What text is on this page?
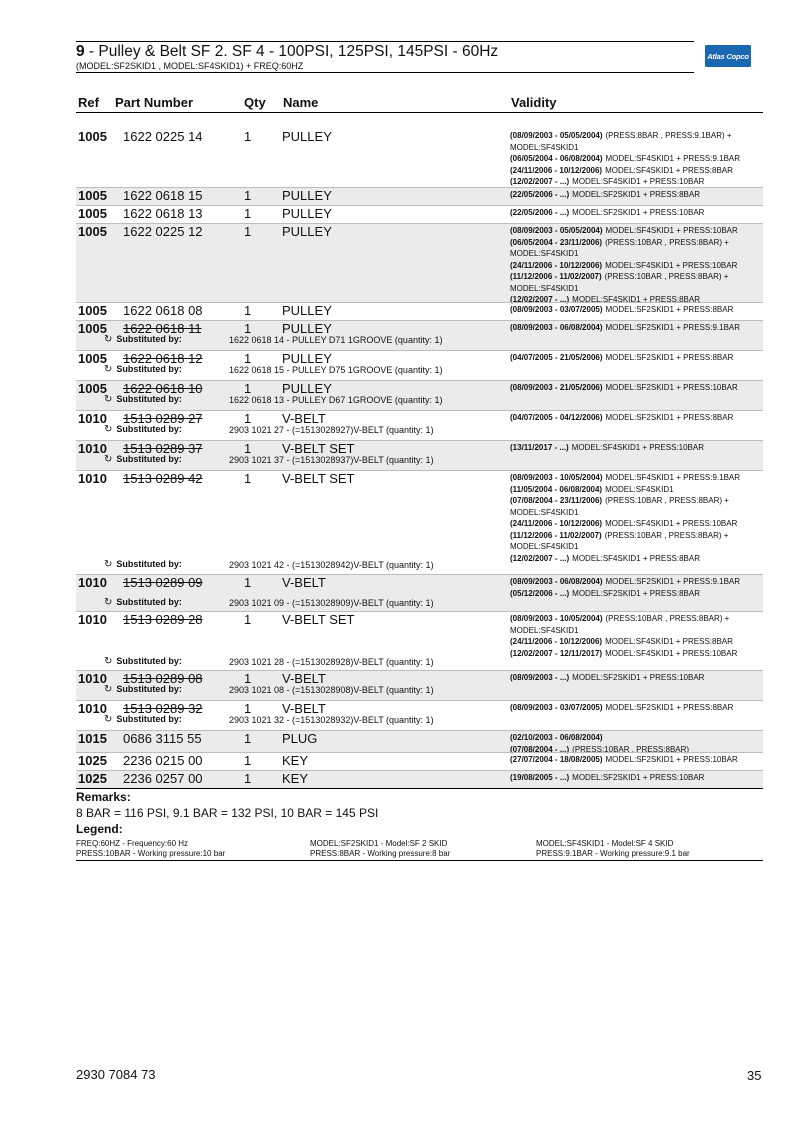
9 - Pulley & Belt SF 2. SF 4 - 100PSI, 125PSI, 145PSI - 60Hz
(MODEL:SF2SKID1 , MODEL:SF4SKID1) + FREQ:60HZ
Atlas Copco
Ref Part Number	Qty Name	Validity
1005 1622 0225 14	1 PULLEY	(08/09/2003 - 05/05/2004) (PRESS:8BAR , PRESS:9.1BAR) + MODEL:SF4SKID1
(06/05/2004 - 06/08/2004) MODEL:SF4SKID1 + PRESS:9.1BAR
(24/11/2006 - 10/12/2006) MODEL:SF4SKID1 + PRESS:8BAR
(12/02/2007 - ...) MODEL:SF4SKID1 + PRESS:10BAR
1005 1622 0618 15	1 PULLEY	(22/05/2006 - ...) MODEL:SF2SKID1 + PRESS:8BAR
1005 1622 0618 13	1 PULLEY	(22/05/2006 - ...) MODEL:SF2SKID1 + PRESS:10BAR
1005 1622 0225 12	1 PULLEY	(08/09/2003 - 05/05/2004) MODEL:SF4SKID1 + PRESS:10BAR
(06/05/2004 - 23/11/2006) (PRESS:10BAR , PRESS:8BAR) + MODEL:SF4SKID1
(24/11/2006 - 10/12/2006) MODEL:SF4SKID1 + PRESS:10BAR
(11/12/2006 - 11/02/2007) (PRESS:10BAR , PRESS:8BAR) + MODEL:SF4SKID1
(12/02/2007 - ...) MODEL:SF4SKID1 + PRESS:8BAR
1005 1622 0618 08	1 PULLEY	(08/09/2003 - 03/07/2005) MODEL:SF2SKID1 + PRESS:8BAR
1005 1622 0618 11	1 PULLEY	(08/09/2003 - 06/08/2004) MODEL:SF2SKID1 + PRESS:9.1BAR
↻ Substituted by:	1622 0618 14 - PULLEY D71 1GROOVE (quantity: 1)
1005 1622 0618 12	1 PULLEY	(04/07/2005 - 21/05/2006) MODEL:SF2SKID1 + PRESS:8BAR
↻ Substituted by:	1622 0618 15 - PULLEY D75 1GROOVE (quantity: 1)
1005 1622 0618 10	1 PULLEY	(08/09/2003 - 21/05/2006) MODEL:SF2SKID1 + PRESS:10BAR
↻ Substituted by:	1622 0618 13 - PULLEY D67 1GROOVE (quantity: 1)
1010 1513 0289 27	1 V-BELT	(04/07/2005 - 04/12/2006) MODEL:SF2SKID1 + PRESS:8BAR
↻ Substituted by:	2903 1021 27 - (=1513028927)V-BELT (quantity: 1)
1010 1513 0289 37	1 V-BELT SET	(13/11/2017 - ...) MODEL:SF4SKID1 + PRESS:10BAR
↻ Substituted by:	2903 1021 37 - (=1513028937)V-BELT (quantity: 1)
1010 1513 0289 42	1 V-BELT SET	(08/09/2003 - 10/05/2004) MODEL:SF4SKID1 + PRESS:9.1BAR
(11/05/2004 - 06/08/2004) MODEL:SF4SKID1
(07/08/2004 - 23/11/2006) (PRESS:10BAR , PRESS:8BAR) + MODEL:SF4SKID1
(24/11/2006 - 10/12/2006) MODEL:SF4SKID1 + PRESS:10BAR
(11/12/2006 - 11/02/2007) (PRESS:10BAR , PRESS:8BAR) + MODEL:SF4SKID1
(12/02/2007 - ...) MODEL:SF4SKID1 + PRESS:8BAR
↻ Substituted by:	2903 1021 42 - (=1513028942)V-BELT (quantity: 1)
1010 1513 0289 09	1 V-BELT	(08/09/2003 - 06/08/2004) MODEL:SF2SKID1 + PRESS:9.1BAR
(05/12/2006 - ...) MODEL:SF2SKID1 + PRESS:8BAR
↻ Substituted by:	2903 1021 09 - (=1513028909)V-BELT (quantity: 1)
1010 1513 0289 28	1 V-BELT SET	(08/09/2003 - 10/05/2004) (PRESS:10BAR , PRESS:8BAR) + MODEL:SF4SKID1
(24/11/2006 - 10/12/2006) MODEL:SF4SKID1 + PRESS:8BAR
(12/02/2007 - 12/11/2017) MODEL:SF4SKID1 + PRESS:10BAR
↻ Substituted by:	2903 1021 28 - (=1513028928)V-BELT (quantity: 1)
1010 1513 0289 08	1 V-BELT	(08/09/2003 - ...) MODEL:SF2SKID1 + PRESS:10BAR
↻ Substituted by:	2903 1021 08 - (=1513028908)V-BELT (quantity: 1)
1010 1513 0289 32	1 V-BELT	(08/09/2003 - 03/07/2005) MODEL:SF2SKID1 + PRESS:8BAR
↻ Substituted by:	2903 1021 32 - (=1513028932)V-BELT (quantity: 1)
1015 0686 3115 55	1 PLUG	(02/10/2003 - 06/08/2004)
(07/08/2004 - ...) (PRESS:10BAR , PRESS:8BAR)
1025 2236 0215 00	1 KEY	(27/07/2004 - 18/08/2005) MODEL:SF2SKID1 + PRESS:10BAR
1025 2236 0257 00	1 KEY	(19/08/2005 - ...) MODEL:SF2SKID1 + PRESS:10BAR
Remarks:
8 BAR = 116 PSI, 9.1 BAR = 132 PSI, 10 BAR = 145 PSI
Legend:
FREQ:60HZ - Frequency:60 Hz	MODEL:SF2SKID1 - Model:SF 2 SKID	MODEL:SF4SKID1 - Model:SF 4 SKID
PRESS:10BAR - Working pressure:10 bar	PRESS:8BAR - Working pressure:8 bar	PRESS:9.1BAR - Working pressure:9.1 bar
2930 7084 73	35
